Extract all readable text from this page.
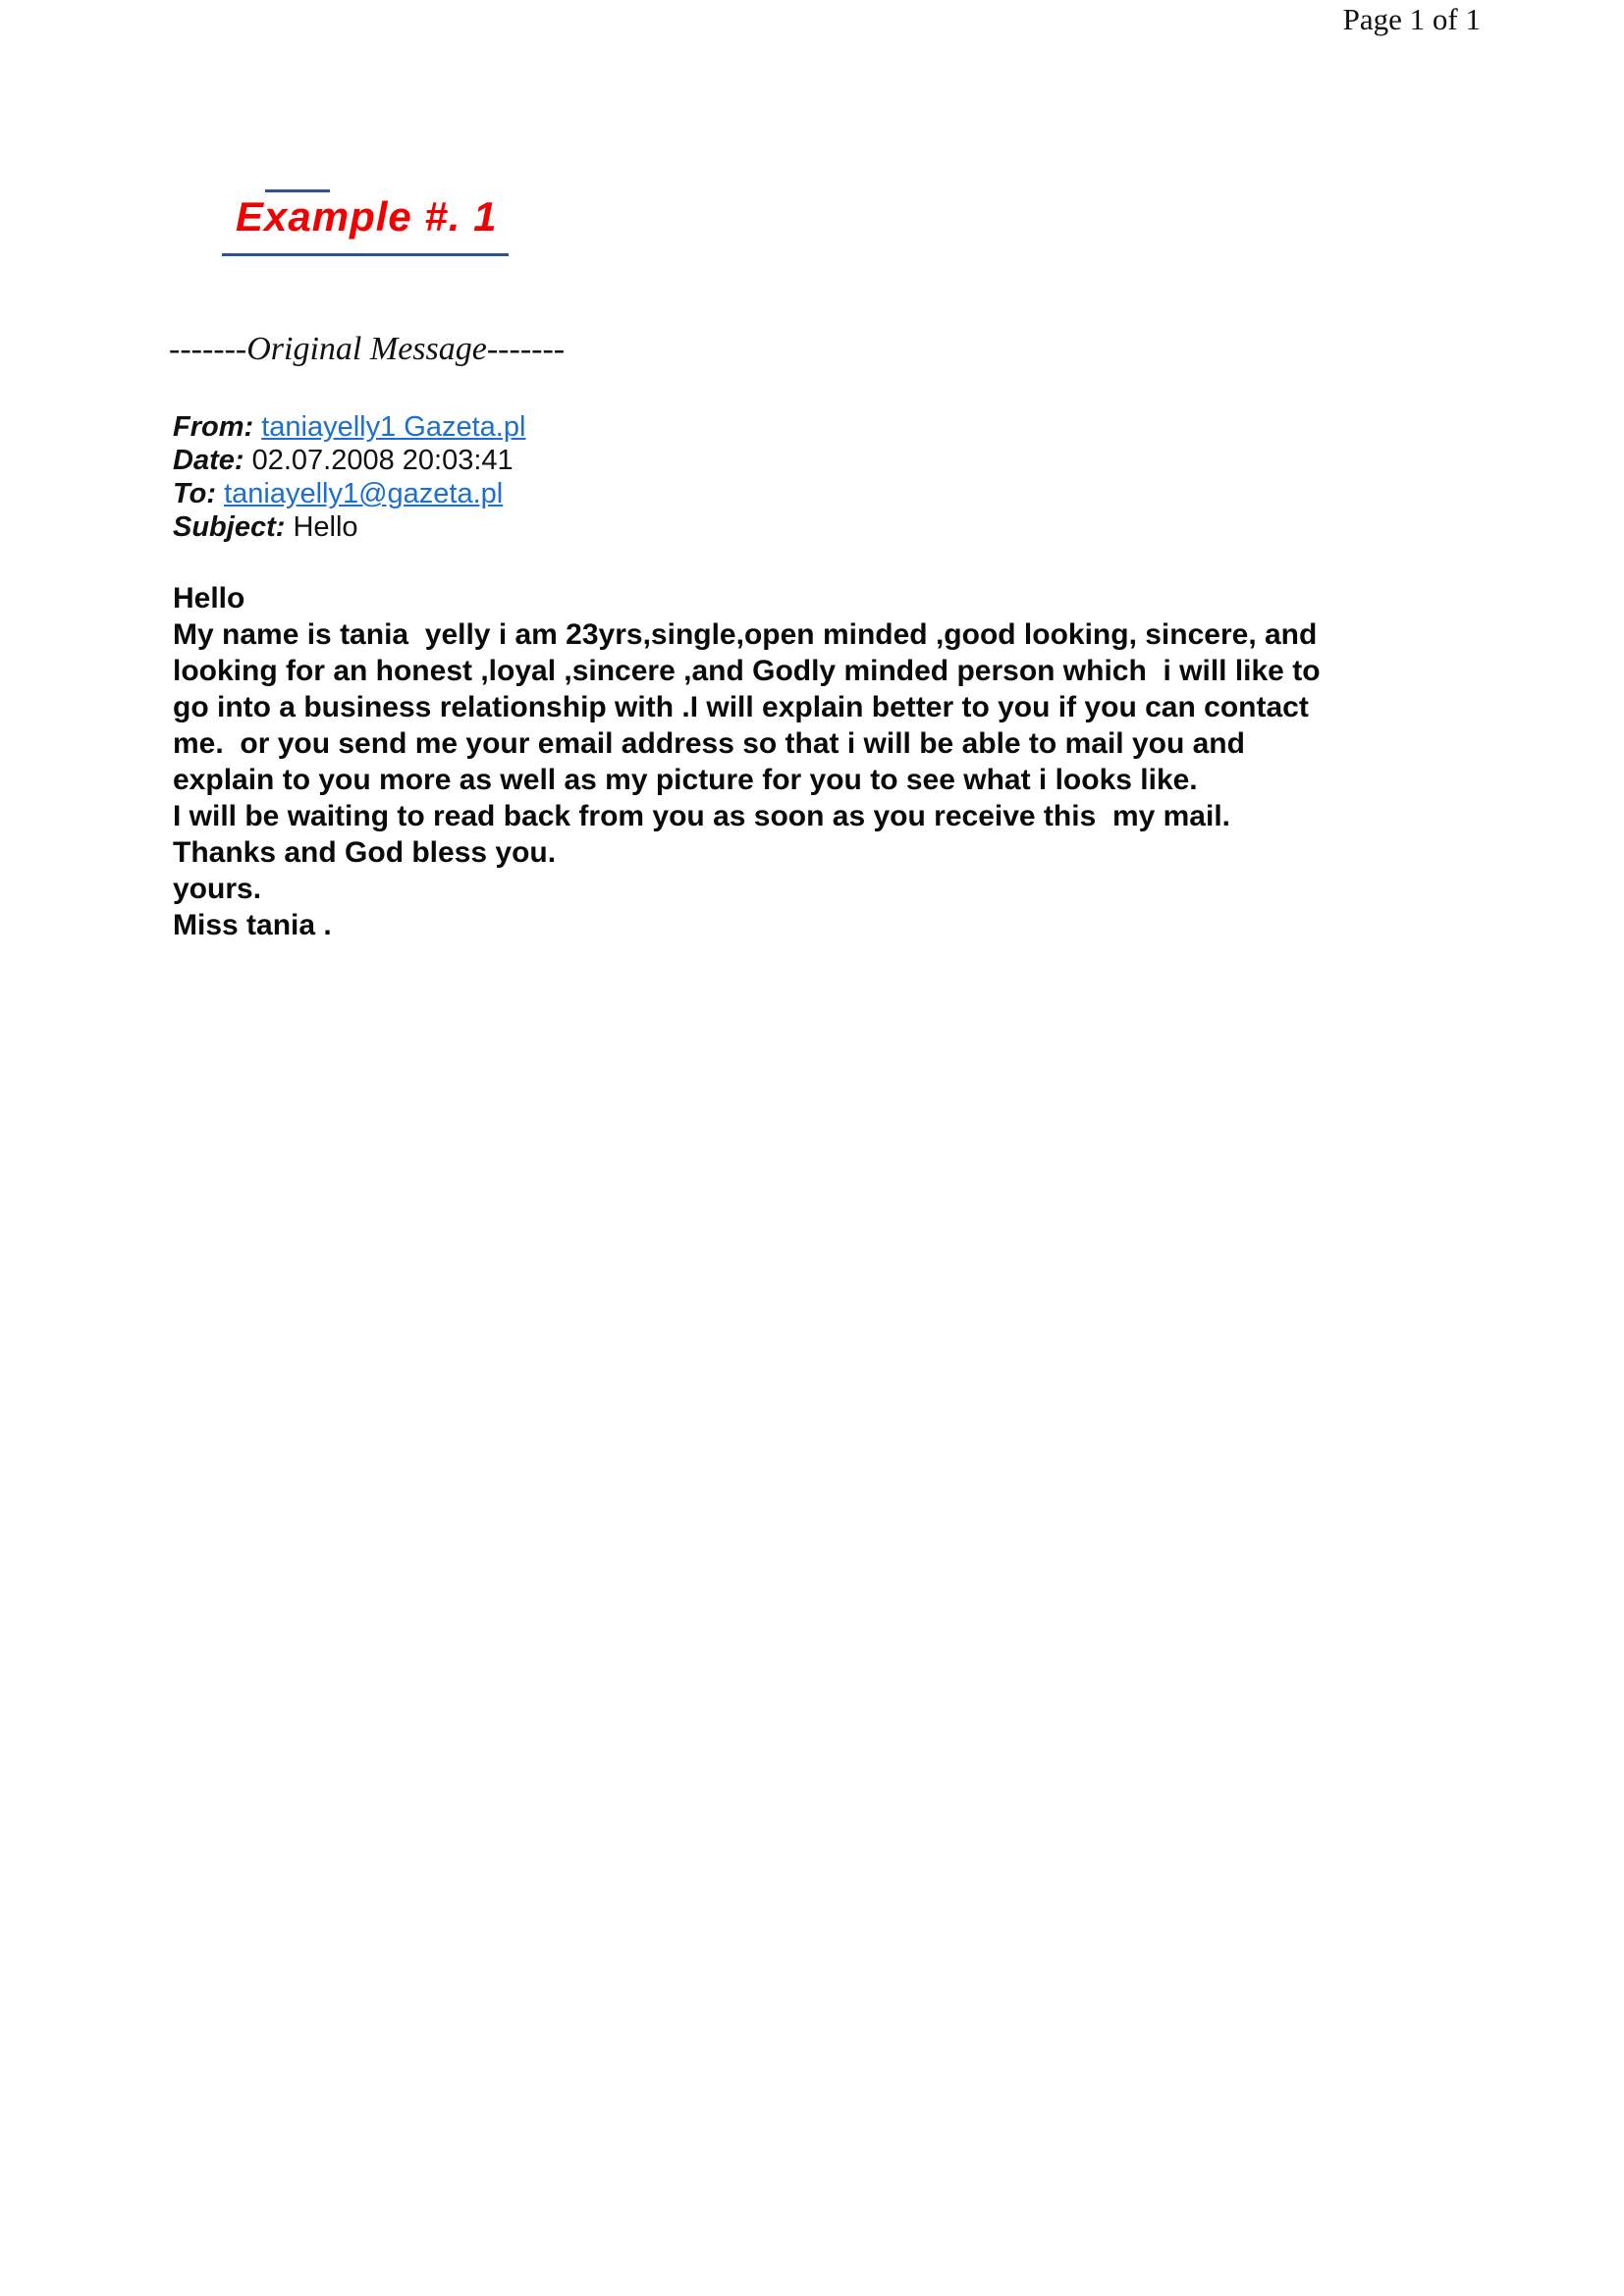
Page 1 of 1
Example #. 1
-------Original Message-------
From: taniayelly1 Gazeta.pl
Date: 02.07.2008 20:03:41
To: taniayelly1@gazeta.pl
Subject: Hello
Hello
My name is tania  yelly i am 23yrs,single,open minded ,good looking, sincere, and
looking for an honest ,loyal ,sincere ,and Godly minded person which  i will like to
go into a business relationship with .I will explain better to you if you can contact
me.  or you send me your email address so that i will be able to mail you and
explain to you more as well as my picture for you to see what i looks like.
I will be waiting to read back from you as soon as you receive this  my mail.
Thanks and God bless you.
yours.
Miss tania .
